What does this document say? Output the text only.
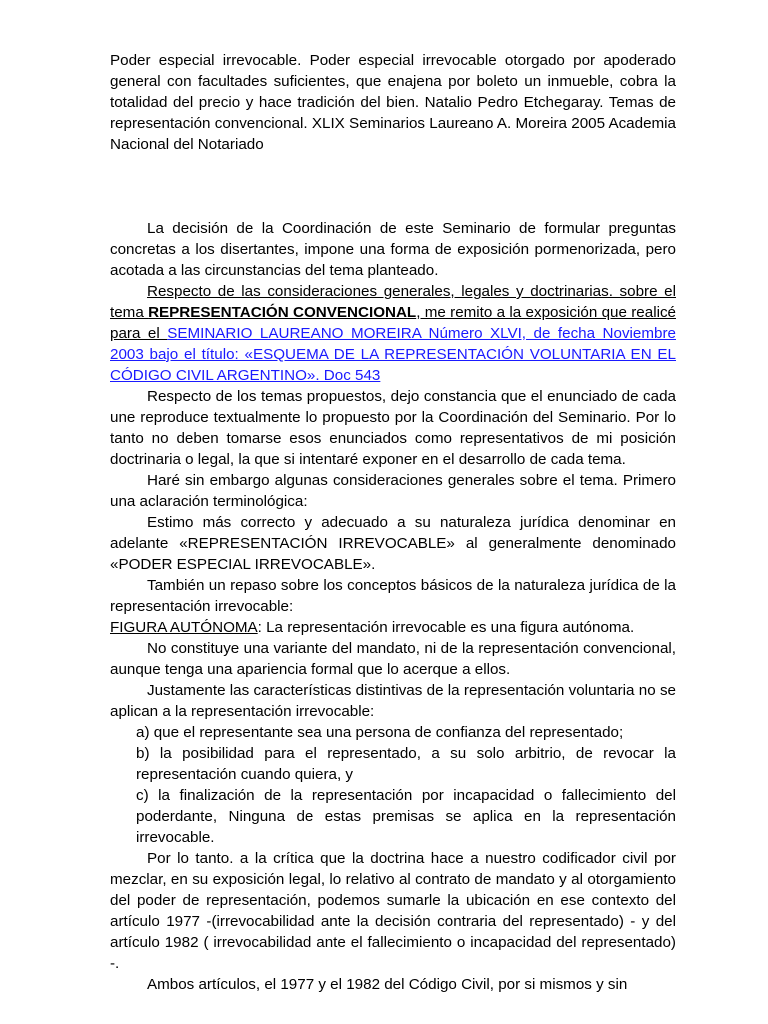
Poder especial irrevocable. Poder especial irrevocable otorgado por apoderado general con facultades suficientes, que enajena por boleto un inmueble, cobra la totalidad del precio y hace tradición del bien. Natalio Pedro Etchegaray. Temas de representación convencional. XLIX Seminarios Laureano A. Moreira 2005 Academia Nacional del Notariado

La decisión de la Coordinación de este Seminario de formular preguntas concretas a los disertantes, impone una forma de exposición pormenorizada, pero acotada a las circunstancias del tema planteado.

Respecto de las consideraciones generales, legales y doctrinarias. sobre el tema REPRESENTACIÓN CONVENCIONAL, me remito a la exposición que realicé para el SEMINARIO LAUREANO MOREIRA Número XLVI, de fecha Noviembre 2003 bajo el título: «ESQUEMA DE LA REPRESENTACIÓN VOLUNTARIA EN EL CÓDIGO CIVIL ARGENTINO». Doc 543

Respecto de los temas propuestos, dejo constancia que el enunciado de cada une reproduce textualmente lo propuesto por la Coordinación del Seminario. Por lo tanto no deben tomarse esos enunciados como representativos de mi posición doctrinaria o legal, la que si intentaré exponer en el desarrollo de cada tema.

Haré sin embargo algunas consideraciones generales sobre el tema. Primero una aclaración terminológica:

Estimo más correcto y adecuado a su naturaleza jurídica denominar en adelante «REPRESENTACIÓN IRREVOCABLE» al generalmente denominado «PODER ESPECIAL IRREVOCABLE».

También un repaso sobre los conceptos básicos de la naturaleza jurídica de la representación irrevocable:

FIGURA AUTÓNOMA: La representación irrevocable es una figura autónoma.

No constituye una variante del mandato, ni de la representación convencional, aunque tenga una apariencia formal que lo acerque a ellos.

Justamente las características distintivas de la representación voluntaria no se aplican a la representación irrevocable:

a) que el representante sea una persona de confianza del representado;

b) la posibilidad para el representado, a su solo arbitrio, de revocar la representación cuando quiera, y

c) la finalización de la representación por incapacidad o fallecimiento del poderdante, Ninguna de estas premisas se aplica en la representación irrevocable.

Por lo tanto. a la crítica que la doctrina hace a nuestro codificador civil por mezclar, en su exposición legal, lo relativo al contrato de mandato y al otorgamiento del poder de representación, podemos sumarle la ubicación en ese contexto del artículo 1977 -(irrevocabilidad ante la decisión contraria del representado) - y del artículo 1982 ( irrevocabilidad ante el fallecimiento o incapacidad del representado) -.

Ambos artículos, el 1977 y el 1982 del Código Civil, por si mismos y sin
